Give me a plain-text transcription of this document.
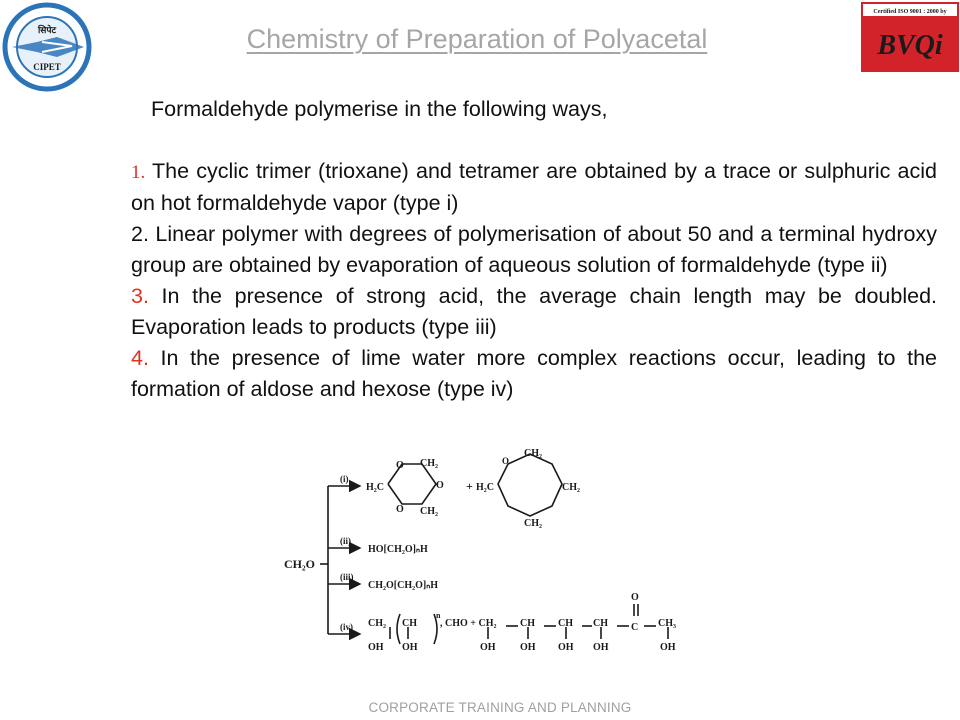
सिपेट
CIPET
Certified ISO 9001 : 2000 by
BVQi
Chemistry of Preparation of Polyacetal
Formaldehyde polymerise in the following ways,

1. The cyclic trimer (trioxane) and tetramer are obtained by a trace or sulphuric acid on hot formaldehyde vapor (type i)

2. Linear polymer with degrees of polymerisation of about 50 and a terminal hydroxy group are obtained by evaporation of aqueous solution of formaldehyde (type ii)

3. In the presence of strong acid, the average chain length may be doubled. Evaporation leads to products (type iii)

4. In the presence of lime water more complex reactions occur, leading to the formation of aldose and hexose (type iv)

CH₂O
(i)
(ii)
(iii)
(iv)
H₂C
O CH₂
O
O CH₂
+
CH₂
H₂C	CH₂
CH₂
O
HO[CH₂O]ₙH
CH₂O[CH₂O]ₙH
CH₂ CH
OH OH
n
, CHO + CH₂
OH
CH
OH
CH
OH
CH
OH
O
C CH₃
OH
CORPORATE TRAINING AND PLANNING
